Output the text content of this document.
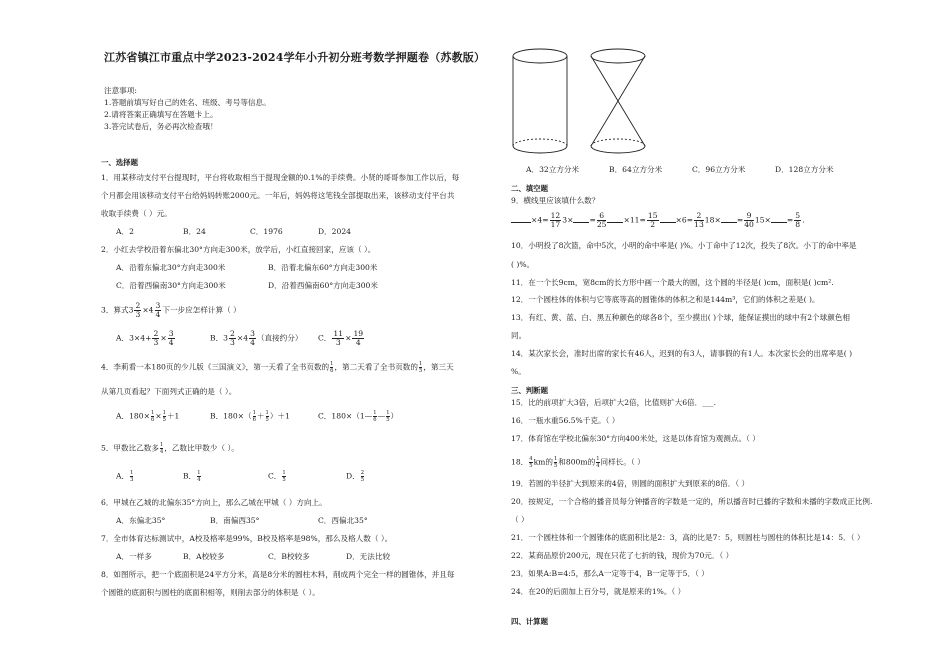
江苏省镇江市重点中学2023-2024学年小升初分班考数学押题卷（苏教版）
注意事项:
1.答题前填写好自己的姓名、班级、考号等信息。
2.请将答案正确填写在答题卡上。
3.答完试卷后，务必再次检查哦！
一、选择题
1．用某移动支付平台提现时，平台将收取相当于提现金额的0.1%的手续费。小贤的哥哥参加工作以后，每
个月都会用该移动支付平台给妈妈转账2000元。一年后，妈妈将这笔钱全部提取出来，该移动支付平台共
收取手续费（ ）元。
A．2	B．24	C．1976	D．2024
2．小红去学校沿着东偏北30°方向走300米，放学后，小红直接回家，应该（ ）。
A．沿着东偏北30°方向走300米	B．沿着北偏东60°方向走300米
C．沿着西偏南30°方向走300米	D．沿着西偏南60°方向走300米
3．算式$3 \frac{2}{3} \times 4 \frac{3}{4}$ 下一步应怎样计算（ ）
A．$3\times 4+ \frac{2}{3} \times \frac{3}{4}$	B．$3 \frac{2}{3} \times 4 \frac{3}{4}$ （直接约分） C． $\frac{11}{3} \times \frac{19}{4}$
4．李莉看一本180页的少儿版《三国演义》，第一天看了全书页数的 $\frac{1}{6}$ ，第二天看了全书页数的 $\frac{1}{5}$ ，第三天
从第几页看起？下面列式正确的是（ ）。
A．$180\times \frac{1}{6} \times \frac{1}{5} +1$	B．$180\times( \frac{1}{6} + \frac{1}{5} )+1$	C．180×（1— $\frac{1}{6}$ — $\frac{1}{5}$ ）
5．甲数比乙数多 $\frac{1}{4}$ ，乙数比甲数少（ ）。
A． $\frac{1}{3}$	B． $\frac{1}{4}$	C． $\frac{1}{5}$	D． $\frac{2}{5}$
6．甲城在乙城的北偏东35°方向上，那么乙城在甲城（ ）方向上。
A．东偏北35°	B．南偏西35°	C．西偏北35°
7．全市体育达标测试中，A校及格率是99%，B校及格率是98%，那么及格人数（ ）。
A．一样多	B．A校较多	C．B校较多	D．无法比较
8．如图所示，把一个底面积是24平方分米，高是8分米的圆柱木料，削成两个完全一样的圆锥体，并且每
个圆锥的底面积与圆柱的底面积相等，则削去部分的体积是（ ）。
A．32立方分米	B．64立方分米	C．96立方分米	D．128立方分米
二、填空题
9．横线里应该填什么数？
$\times 4= \frac{12}{17} 3\times = \frac{6}{25} \times 11= \frac{15}{2} \times 6= \frac{2}{13} 18\times = \frac{9}{40} 15\times = \frac{5}{8}$ .
10．小明投了8次篮，命中5次，小明的命中率是( )%。小丁命中了12次，投失了8次。小丁的命中率是
( )%。
11．在一个长9cm，宽8cm的长方形中画一个最大的圆，这个圆的半径是( )cm，面积是( )cm².
12．一个圆柱体的体积与它等底等高的圆锥体的体积之和是144m³，它们的体积之差是( )。
13．有红、黄、蓝、白、黑五种颜色的球各8个，至少摸出( )个球，能保证摸出的球中有2个球颜色相
同。
14．某次家长会，准时出席的家长有46人，迟到的有3人，请事假的有1人。本次家长会的出席率是( )
%。
三、判断题
15．比的前项扩大3倍，后项扩大2倍，比值则扩大6倍．___.
16．一瓶水重56.5%千克。（ ）
17．体育馆在学校北偏东30°方向400米处，这是以体育馆为观测点。（ ）
18． $\frac{4}{5}$ km的 $\frac{1}{5}$ 和800m的 $\frac{1}{4}$ 同样长。（ ）
19．若圆的半径扩大到原来的4倍，则圆的面积扩大到原来的8倍．（ ）
20．按规定，一个合格的播音员每分钟播音的字数是一定的，所以播音时已播的字数和未播的字数成正比例.
（ ）
21．一个圆柱体和一个圆锥体的底面积比是2：3，高的比是7：5，则圆柱与圆柱的体积比是14：5．（ ）
22．某商品原价200元，现在只花了七折的钱，现价为70元．（ ）
23．如果A:B=4:5，那么A一定等于4，B一定等于5．（ ）
24．在20的后面加上百分号，就是原来的1%。（ ）
四、计算题
